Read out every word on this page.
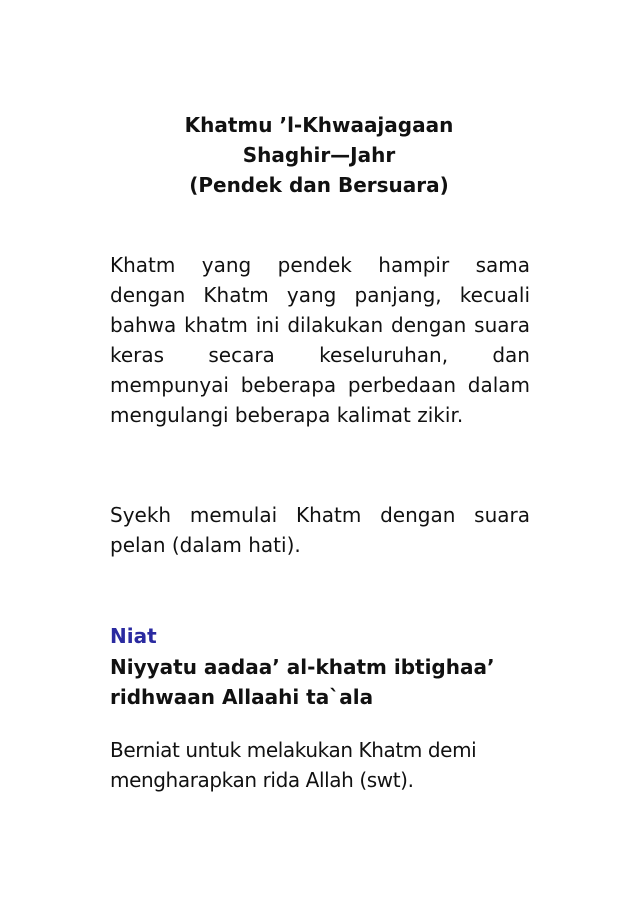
Khatmu ’l-Khwaajagaan
Shaghir—Jahr
(Pendek dan Bersuara)

Khatm yang pendek hampir sama dengan Khatm yang panjang, kecuali bahwa khatm ini dilakukan dengan suara keras secara keseluruhan, dan mempunyai beberapa perbedaan dalam mengulangi beberapa kalimat zikir.

Syekh memulai Khatm dengan suara pelan (dalam hati).

Niat

Niyyatu aadaa’ al-khatm ibtighaa’
ridhwaan Allaahi ta`ala

Berniat untuk melakukan Khatm demi
mengharapkan rida Allah (swt).
